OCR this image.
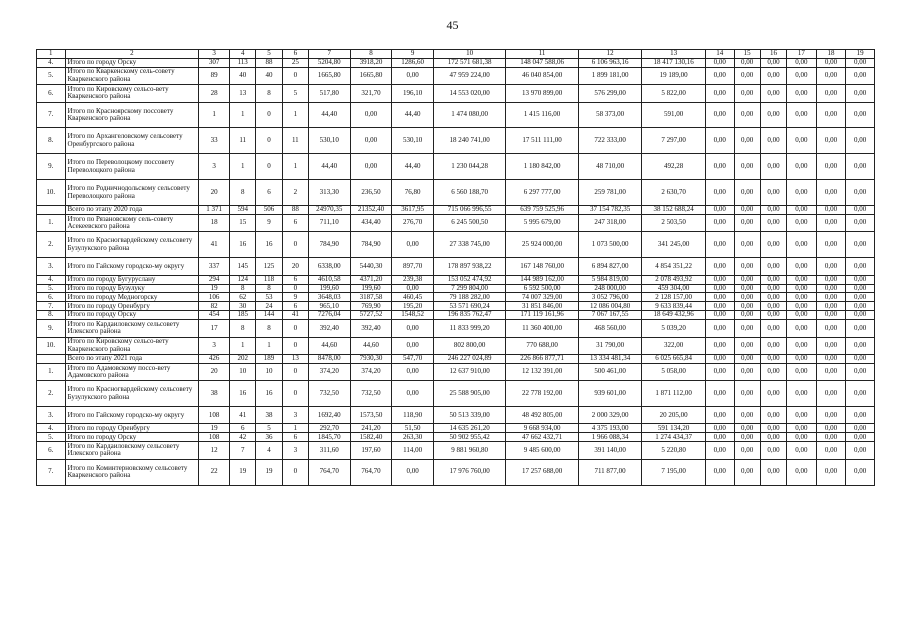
45
1	2	3	4	5	6	7	8	9	10	11	12	13	14	15	16	17	18	19
4.	Итого по городу Орску	307	113	88	25	5204,80	3918,20	1286,60	172 571 681,38	148 047 588,06	6 106 963,16	18 417 130,16	0,00	0,00	0,00	0,00	0,00	0,00
5.	Итого по Кваркенскому сель-советy Кваркенского района	89	40	40	0	1665,80	1665,80	0,00	47 959 224,00	46 040 854,00	1 899 181,00	19 189,00	0,00	0,00	0,00	0,00	0,00	0,00
6.	Итого по Кировскому сельсо-вету Кваркенского района	28	13	8	5	517,80	321,70	196,10	14 553 020,00	13 970 899,00	576 299,00	5 822,00	0,00	0,00	0,00	0,00	0,00	0,00
7.	Итого по Красноярскому поссовету Кваркенского района	1	1	0	1	44,40	0,00	44,40	1 474 080,00	1 415 116,00	58 373,00	591,00	0,00	0,00	0,00	0,00	0,00	0,00
8.	Итого по Архангеловскому сельсовету Оренбургского района	33	11	0	11	530,10	0,00	530,10	18 240 741,00	17 511 111,00	722 333,00	7 297,00	0,00	0,00	0,00	0,00	0,00	0,00
9.	Итого по Переволоцкому поссовету Переволоцкого района	3	1	0	1	44,40	0,00	44,40	1 230 044,28	1 180 842,00	48 710,00	492,28	0,00	0,00	0,00	0,00	0,00	0,00
10.	Итого по Родничнодольскому сельсовету Переволоцкого района	20	8	6	2	313,30	236,50	76,80	6 560 188,70	6 297 777,00	259 781,00	2 630,70	0,00	0,00	0,00	0,00	0,00	0,00
	Всего по этапу 2020 года	1 371	594	506	88	24970,35	21352,40	3617,95	715 066 996,55	639 759 525,96	37 154 782,35	38 152 688,24	0,00	0,00	0,00	0,00	0,00	0,00
1.	Итого по Рязановскому сель-совету Асекеевского района	18	15	9	6	711,10	434,40	276,70	6 245 500,50	5 995 679,00	247 318,00	2 503,50	0,00	0,00	0,00	0,00	0,00	0,00
2.	Итого по Красногвардейскому сельсовету Бузулукского района	41	16	16	0	784,90	784,90	0,00	27 338 745,00	25 924 000,00	1 073 500,00	341 245,00	0,00	0,00	0,00	0,00	0,00	0,00
3.	Итого по Гайскому городско-му округу	337	145	125	20	6338,00	5440,30	897,70	178 897 938,22	167 148 760,00	6 894 827,00	4 854 351,22	0,00	0,00	0,00	0,00	0,00	0,00
4.	Итого по городу Бугуруслану	294	124	118	6	4610,58	4371,20	239,38	153 052 474,92	144 989 162,00	5 984 819,00	2 078 493,92	0,00	0,00	0,00	0,00	0,00	0,00
5.	Итого по городу Бузулуку	19	8	8	0	199,60	199,60	0,00	7 299 804,00	6 592 500,00	248 000,00	459 304,00	0,00	0,00	0,00	0,00	0,00	0,00
6.	Итого по городу Медногорску	106	62	53	9	3648,03	3187,58	460,45	79 188 282,00	74 007 329,00	3 052 796,00	2 128 157,00	0,00	0,00	0,00	0,00	0,00	0,00
7.	Итого по городу Оренбургу	82	30	24	6	965,10	769,90	195,20	53 571 690,24	31 851 846,00	12 086 004,80	9 633 839,44	0,00	0,00	0,00	0,00	0,00	0,00
8.	Итого по городу Орску	454	185	144	41	7276,04	5727,52	1548,52	196 835 762,47	171 119 161,96	7 067 167,55	18 649 432,96	0,00	0,00	0,00	0,00	0,00	0,00
9.	Итого по Кардаиловскому сельсовету Илекского района	17	8	8	0	392,40	392,40	0,00	11 833 999,20	11 360 400,00	468 560,00	5 039,20	0,00	0,00	0,00	0,00	0,00	0,00
10.	Итого по Кировскому сельсо-вету Кваркенского района	3	1	1	0	44,60	44,60	0,00	802 800,00	770 688,00	31 790,00	322,00	0,00	0,00	0,00	0,00	0,00	0,00
	Всего по этапу 2021 года	426	202	189	13	8478,00	7930,30	547,70	246 227 024,89	226 866 877,71	13 334 481,34	6 025 665,84	0,00	0,00	0,00	0,00	0,00	0,00
1.	Итого по Адамовскому поссо-вету Адамовского района	20	10	10	0	374,20	374,20	0,00	12 637 910,00	12 132 391,00	500 461,00	5 058,00	0,00	0,00	0,00	0,00	0,00	0,00
2.	Итого по Красногвардейскому сельсовету Бузулукского района	38	16	16	0	732,50	732,50	0,00	25 588 905,00	22 778 192,00	939 601,00	1 871 112,00	0,00	0,00	0,00	0,00	0,00	0,00
3.	Итого по Гайскому городско-му округу	108	41	38	3	1692,40	1573,50	118,90	50 513 339,00	48 492 805,00	2 000 329,00	20 205,00	0,00	0,00	0,00	0,00	0,00	0,00
4.	Итого по городу Оренбургу	19	6	5	1	292,70	241,20	51,50	14 635 261,20	9 668 934,00	4 375 193,00	591 134,20	0,00	0,00	0,00	0,00	0,00	0,00
5.	Итого по городу Орску	108	42	36	6	1845,70	1582,40	263,30	50 902 955,42	47 662 432,71	1 966 088,34	1 274 434,37	0,00	0,00	0,00	0,00	0,00	0,00
6.	Итого по Кардаиловскому сельсовету Илекского района	12	7	4	3	311,60	197,60	114,00	9 881 960,80	9 485 600,00	391 140,00	5 220,80	0,00	0,00	0,00	0,00	0,00	0,00
7.	Итого по Коминтерновскому сельсовету Кваркенского района	22	19	19	0	764,70	764,70	0,00	17 976 760,00	17 257 688,00	711 877,00	7 195,00	0,00	0,00	0,00	0,00	0,00	0,00
